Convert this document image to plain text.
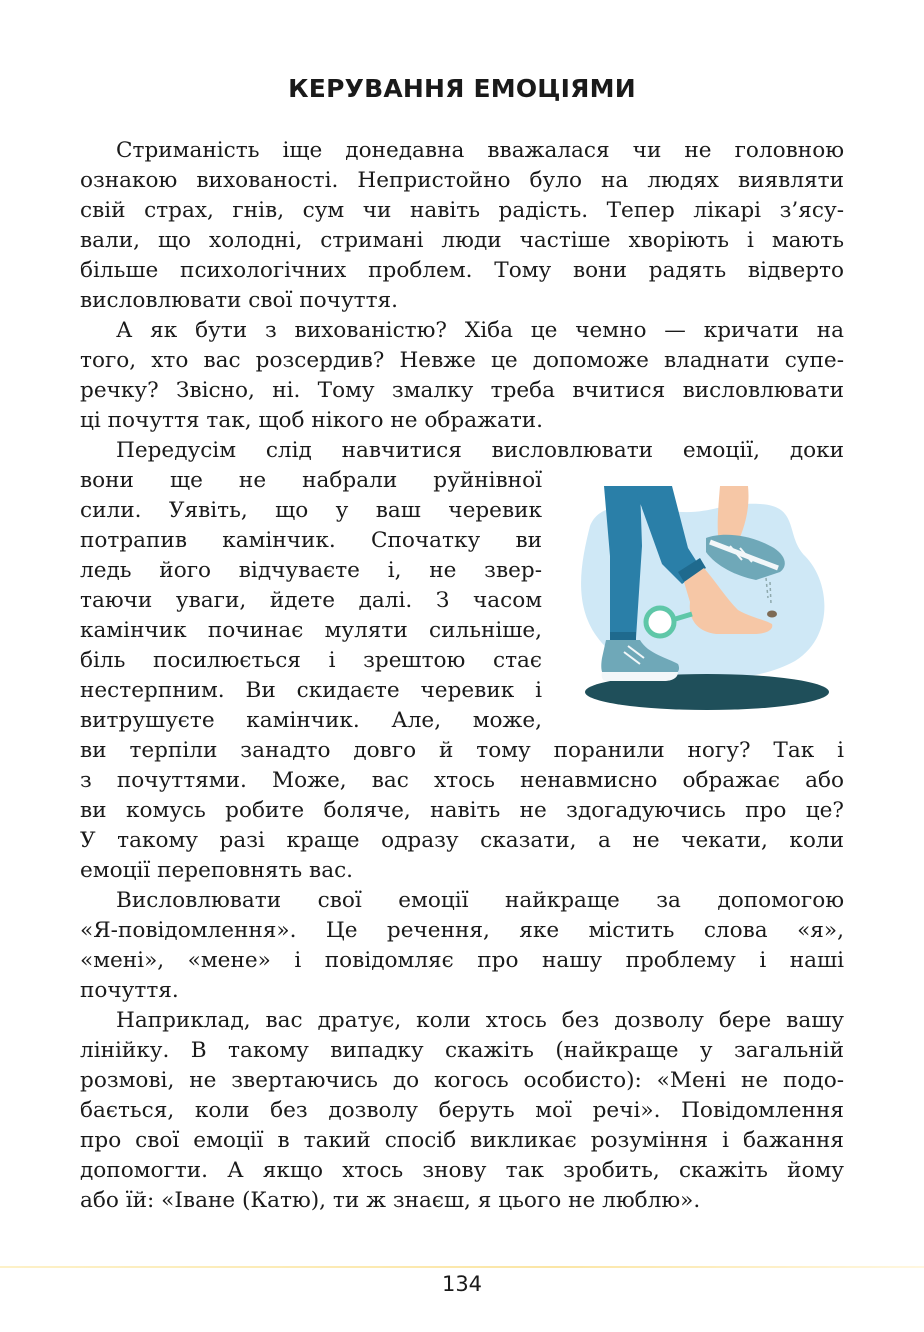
КЕРУВАННЯ ЕМОЦІЯМИ
Стриманість іще донедавна вважалася чи не головною
ознакою вихованості. Непристойно було на людях виявляти
свій страх, гнів, сум чи навіть радість. Тепер лікарі з’ясу-
вали, що холодні, стримані люди частіше хворіють і мають
більше психологічних проблем. Тому вони радять відверто
висловлювати свої почуття.
А як бути з вихованістю? Хіба це чемно — кричати на
того, хто вас розсердив? Невже це допоможе владнати супе-
речку? Звісно, ні. Тому змалку треба вчитися висловлювати
ці почуття так, щоб нікого не ображати.
Передусім слід навчитися висловлювати емоції, доки
вони ще не набрали руйнівної
сили. Уявіть, що у ваш черевик
потрапив камінчик. Спочатку ви
ледь його відчуваєте і, не звер-
таючи уваги, йдете далі. З часом
камінчик починає муляти сильніше,
біль посилюється і зрештою стає
нестерпним. Ви скидаєте черевик і
витрушуєте камінчик. Але, може,
ви терпіли занадто довго й тому поранили ногу? Так і
з почуттями. Може, вас хтось ненавмисно ображає або
ви комусь робите боляче, навіть не здогадуючись про це?
У такому разі краще одразу сказати, а не чекати, коли
емоції переповнять вас.
Висловлювати свої емоції найкраще за допомогою
«Я-повідомлення». Це речення, яке містить слова «я»,
«мені», «мене» і повідомляє про нашу проблему і наші
почуття.
Наприклад, вас дратує, коли хтось без дозволу бере вашу
лінійку. В такому випадку скажіть (найкраще у загальній
розмові, не звертаючись до когось особисто): «Мені не подо-
бається, коли без дозволу беруть мої речі». Повідомлення
про свої емоції в такий спосіб викликає розуміння і бажання
допомогти. А якщо хтось знову так зробить, скажіть йому
або їй: «Іване (Катю), ти ж знаєш, я цього не люблю».
134
